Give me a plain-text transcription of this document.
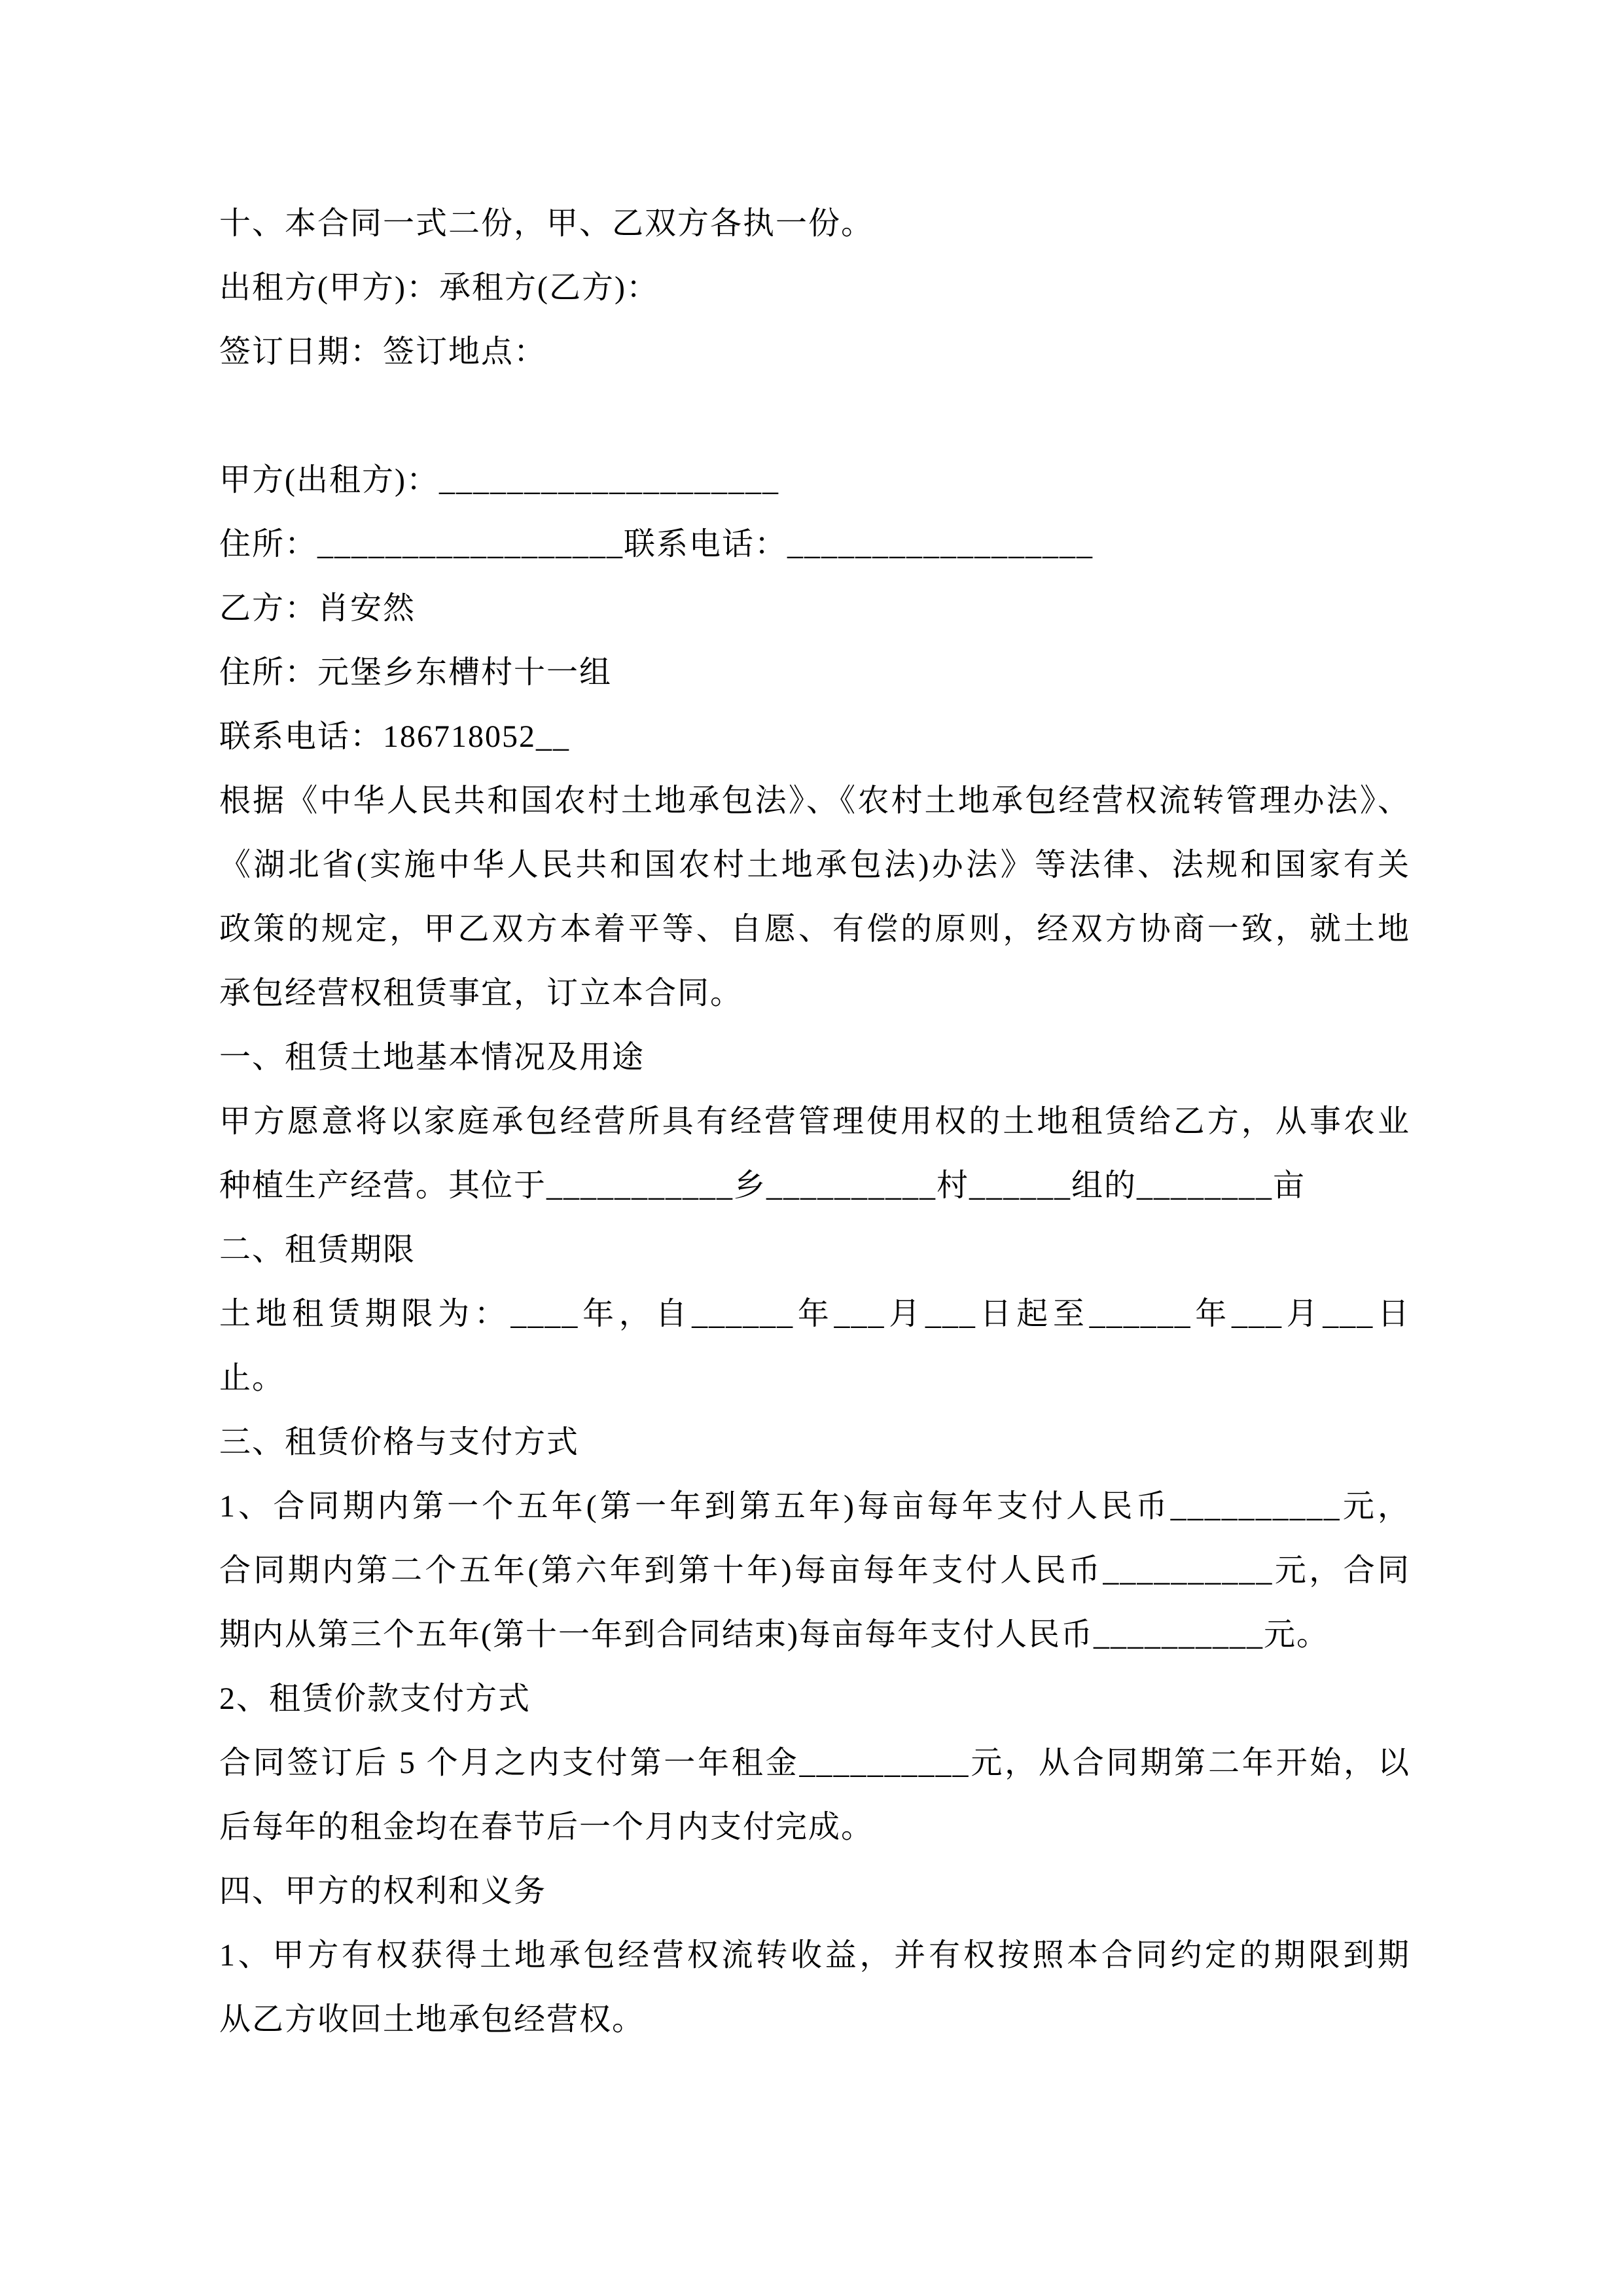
十、本合同一式二份，甲、乙双方各执一份。

出租方(甲方)：承租方(乙方)：

签订日期：签订地点：

甲方(出租方)：____________________

住所：__________________联系电话：__________________

乙方：肖安然

住所：元堡乡东槽村十一组

联系电话：186718052__

根据《中华人民共和国农村土地承包法》、《农村土地承包经营权流转管理办法》、

《湖北省(实施中华人民共和国农村土地承包法)办法》等法律、法规和国家有关

政策的规定，甲乙双方本着平等、自愿、有偿的原则，经双方协商一致，就土地

承包经营权租赁事宜，订立本合同。

一、租赁土地基本情况及用途

甲方愿意将以家庭承包经营所具有经营管理使用权的土地租赁给乙方，从事农业

种植生产经营。其位于___________乡__________村______组的________亩

二、租赁期限

土地租赁期限为：____年，自______年___月___日起至______年___月___日

止。

三、租赁价格与支付方式

1、合同期内第一个五年(第一年到第五年)每亩每年支付人民币__________元，

合同期内第二个五年(第六年到第十年)每亩每年支付人民币__________元，合同

期内从第三个五年(第十一年到合同结束)每亩每年支付人民币__________元。

2、租赁价款支付方式

合同签订后 5 个月之内支付第一年租金__________元，从合同期第二年开始，以

后每年的租金均在春节后一个月内支付完成。

四、甲方的权利和义务

1、甲方有权获得土地承包经营权流转收益，并有权按照本合同约定的期限到期

从乙方收回土地承包经营权。
